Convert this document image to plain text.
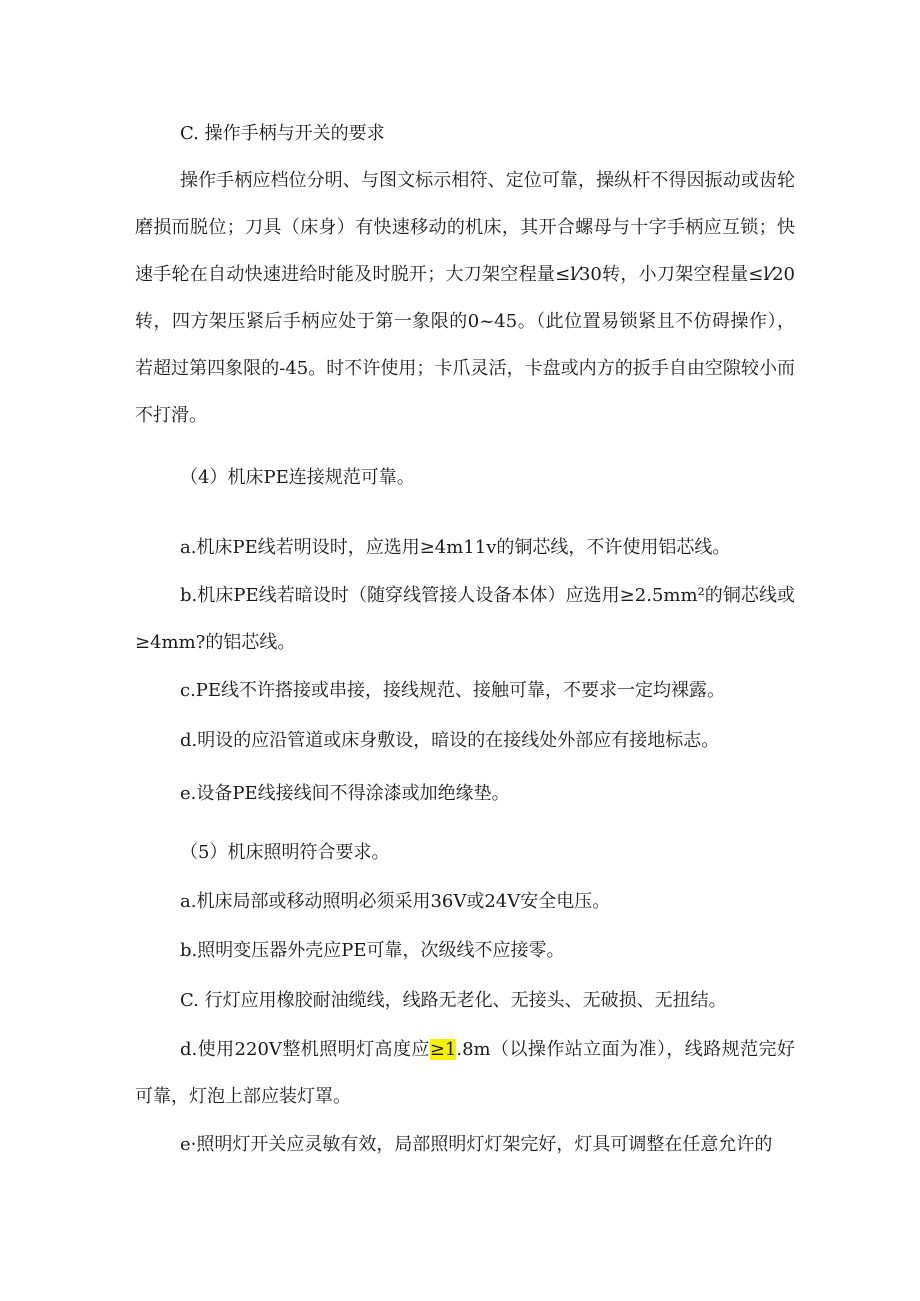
C. 操作手柄与开关的要求

操作手柄应档位分明、与图文标示相符、定位可靠，操纵杆不得因振动或齿轮磨损而脱位；刀具（床身）有快速移动的机床，其开合螺母与十字手柄应互锁；快速手轮在自动快速进给时能及时脱开；大刀架空程量≤l⁄30转，小刀架空程量≤l⁄20转，四方架压紧后手柄应处于第一象限的0~45。（此位置易锁紧且不仿碍操作），若超过第四象限的-45。时不许使用；卡爪灵活，卡盘或内方的扳手自由空隙较小而不打滑。

（4）机床PE连接规范可靠。

a.机床PE线若明设时，应选用≥4m11v的铜芯线，不许使用铝芯线。

b.机床PE线若暗设时（随穿线管接人设备本体）应选用≥2.5mm²的铜芯线或≥4mm?的铝芯线。

c.PE线不许搭接或串接，接线规范、接触可靠，不要求一定均裸露。

d.明设的应沿管道或床身敷设，暗设的在接线处外部应有接地标志。

e.设备PE线接线间不得涂漆或加绝缘垫。

（5）机床照明符合要求。

a.机床局部或移动照明必须采用36V或24V安全电压。

b.照明变压器外壳应PE可靠，次级线不应接零。

C. 行灯应用橡胶耐油缆线，线路无老化、无接头、无破损、无扭结。

d.使用220V整机照明灯高度应≥1.8m（以操作站立面为准），线路规范完好可靠，灯泡上部应装灯罩。

e·照明灯开关应灵敏有效，局部照明灯灯架完好，灯具可调整在任意允许的
